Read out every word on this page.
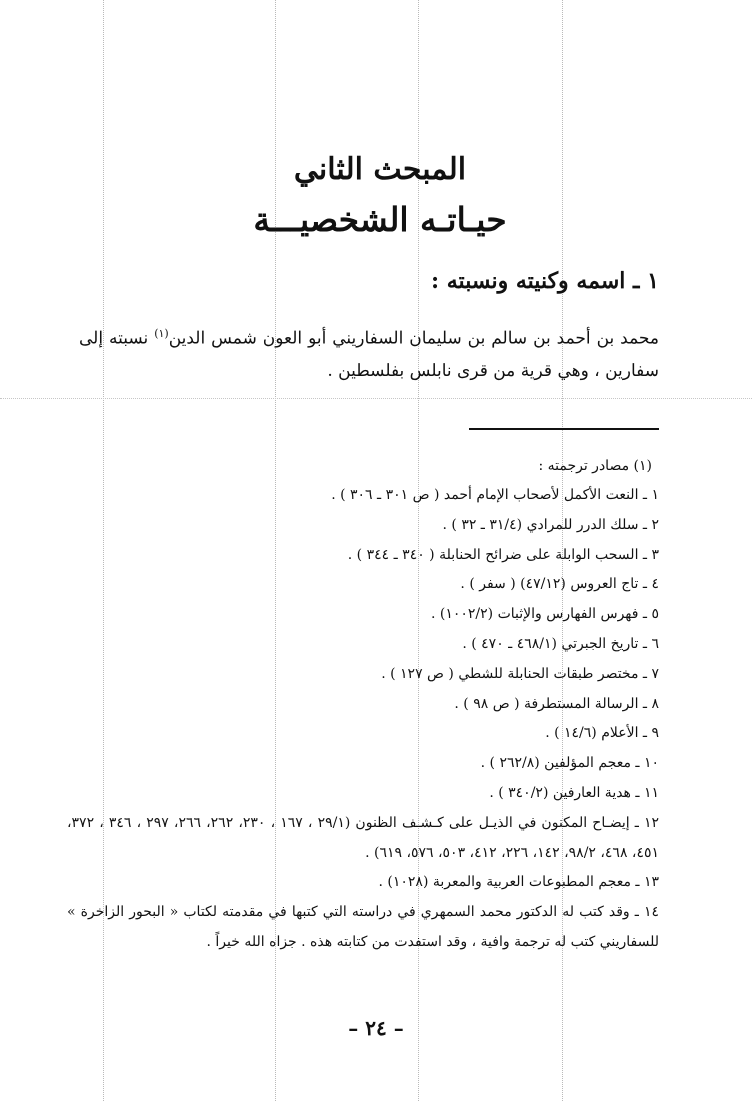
المبحث الثاني
حيـاتـه الشخصيـــة
١ ـ اسمه وكنيته ونسبته :

محمد بن أحمد بن سالم بن سليمان السفاريني أبو العون شمس الدين$^{(١)}$ نسبته إلى سفارين ، وهي قرية من قرى نابلس بفلسطين .

(١) مصادر ترجمته :

١ ـ النعت الأكمل لأصحاب الإمام أحمد ( ص ٣٠١ ـ ٣٠٦ ) .
٢ ـ سلك الدرر للمرادي (٣١/٤ ـ ٣٢ ) .
٣ ـ السحب الوابلة على ضرائح الحنابلة ( ٣٤٠ ـ ٣٤٤ ) .
٤ ـ تاج العروس (٤٧/١٢) ( سفر ) .
٥ ـ فهرس الفهارس والإثبات (١٠٠٢/٢) .
٦ ـ تاريخ الجبرتي (٤٦٨/١ ـ ٤٧٠ ) .
٧ ـ مختصر طبقات الحنابلة للشطي ( ص ١٢٧ ) .
٨ ـ الرسالة المستطرفة ( ص ٩٨ ) .
٩ ـ الأعلام (١٤/٦ ) .
١٠ ـ معجم المؤلفين (٢٦٢/٨ ) .
١١ ـ هدية العارفين (٣٤٠/٢ ) .
١٢ ـ إيضـاح المكنون في الذيـل على كـشـف الظنون (٢٩/١ ، ١٦٧ ، ٢٣٠، ٢٦٢، ٢٦٦، ٢٩٧ ، ٣٤٦ ، ٣٧٢، ٤٥١، ٤٦٨، ٩٨/٢، ١٤٢، ٢٢٦، ٤١٢، ٥٠٣، ٥٧٦، ٦١٩) .
١٣ ـ معجم المطبوعات العربية والمعربة (١٠٢٨) .
١٤ ـ وقد كتب له الدكتور محمد السمهري في دراسته التي كتبها في مقدمته لكتاب « البحور الزاخرة » للسفاريني كتب له ترجمة وافية ، وقد استفدت من كتابته هذه . جزاه الله خيراً .

– ٢٤ –
